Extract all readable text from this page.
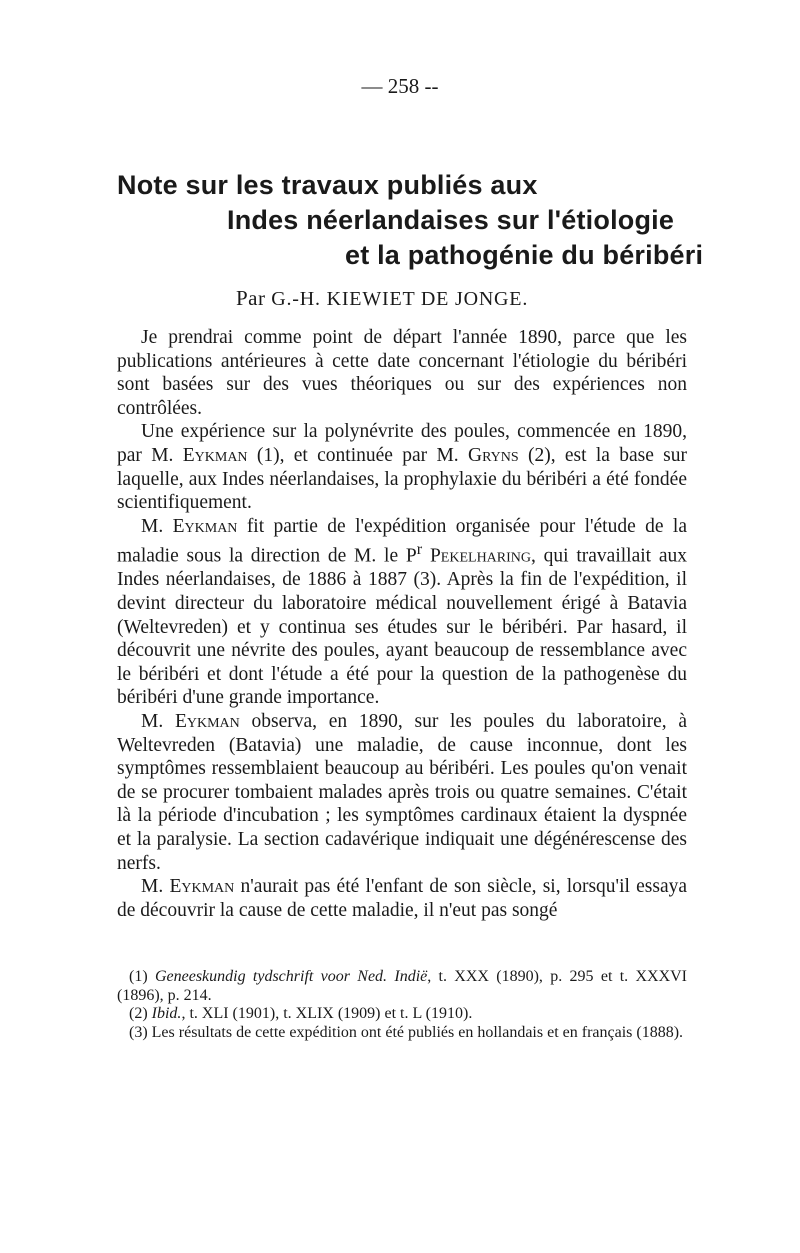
— 258 --
Note sur les travaux publiés aux
Indes néerlandaises sur l'étiologie
et la pathogénie du béribéri
Par G.-H. KIEWIET DE JONGE.

Je prendrai comme point de départ l'année 1890, parce que les publications antérieures à cette date concernant l'étiologie du béribéri sont basées sur des vues théoriques ou sur des expériences non contrôlées.

Une expérience sur la polynévrite des poules, commencée en 1890, par M. Eykman (1), et continuée par M. Gryns (2), est la base sur laquelle, aux Indes néerlandaises, la prophylaxie du béribéri a été fondée scientifiquement.

M. Eykman fit partie de l'expédition organisée pour l'étude de la maladie sous la direction de M. le $P^r$ Pekelharing, qui travaillait aux Indes néerlandaises, de 1886 à 1887 (3). Après la fin de l'expédition, il devint directeur du laboratoire médical nouvellement érigé à Batavia (Weltevreden) et y continua ses études sur le béribéri. Par hasard, il découvrit une névrite des poules, ayant beaucoup de ressemblance avec le béribéri et dont l'étude a été pour la question de la pathogenèse du béribéri d'une grande importance.

M. Eykman observa, en 1890, sur les poules du laboratoire, à Weltevreden (Batavia) une maladie, de cause inconnue, dont les symptômes ressemblaient beaucoup au béribéri. Les poules qu'on venait de se procurer tombaient malades après trois ou quatre semaines. C'était là la période d'incubation ; les symptômes cardinaux étaient la dyspnée et la paralysie. La section cadavérique indiquait une dégénérescense des nerfs.

M. Eykman n'aurait pas été l'enfant de son siècle, si, lorsqu'il essaya de découvrir la cause de cette maladie, il n'eut pas songé

(1) Geneeskundig tydschrift voor Ned. Indië, t. XXX (1890), p. 295 et t. XXXVI (1896), p. 214.

(2) Ibid., t. XLI (1901), t. XLIX (1909) et t. L (1910).

(3) Les résultats de cette expédition ont été publiés en hollandais et en français (1888).
